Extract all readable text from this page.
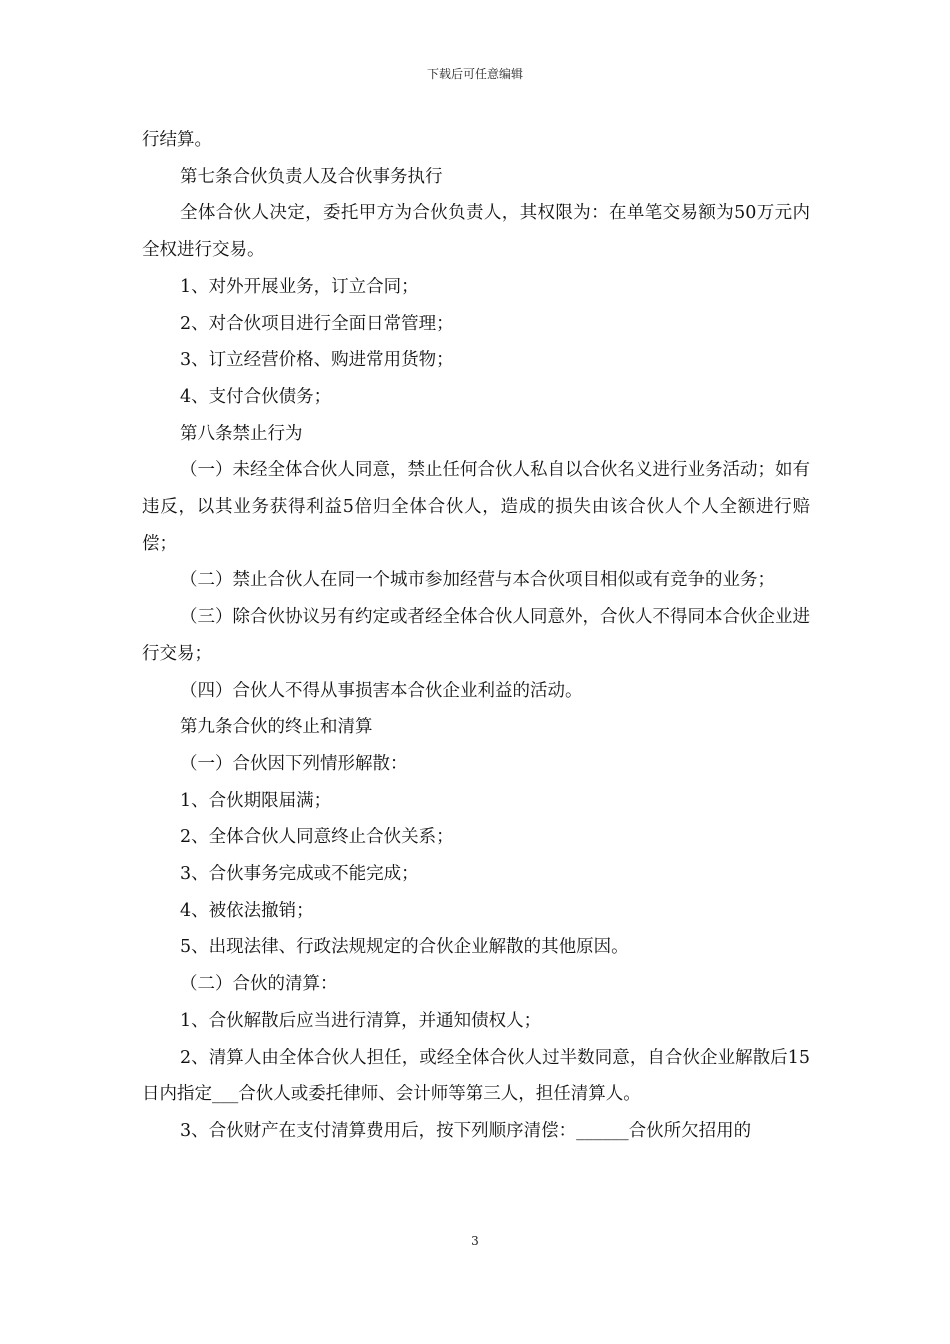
下载后可任意编辑

行结算。

第七条合伙负责人及合伙事务执行

全体合伙人决定，委托甲方为合伙负责人，其权限为：在单笔交易额为50万元内全权进行交易。

1、对外开展业务，订立合同；

2、对合伙项目进行全面日常管理；

3、订立经营价格、购进常用货物；

4、支付合伙债务；

第八条禁止行为

（一）未经全体合伙人同意，禁止任何合伙人私自以合伙名义进行业务活动；如有违反，以其业务获得利益5倍归全体合伙人，造成的损失由该合伙人个人全额进行赔偿；

（二）禁止合伙人在同一个城市参加经营与本合伙项目相似或有竞争的业务；

（三）除合伙协议另有约定或者经全体合伙人同意外，合伙人不得同本合伙企业进行交易；

（四）合伙人不得从事损害本合伙企业利益的活动。

第九条合伙的终止和清算

（一）合伙因下列情形解散：

1、合伙期限届满；

2、全体合伙人同意终止合伙关系；

3、合伙事务完成或不能完成；

4、被依法撤销；

5、出现法律、行政法规规定的合伙企业解散的其他原因。

（二）合伙的清算：

1、合伙解散后应当进行清算，并通知债权人；

2、清算人由全体合伙人担任，或经全体合伙人过半数同意，自合伙企业解散后15日内指定___合伙人或委托律师、会计师等第三人，担任清算人。

3、合伙财产在支付清算费用后，按下列顺序清偿：______合伙所欠招用的

3
